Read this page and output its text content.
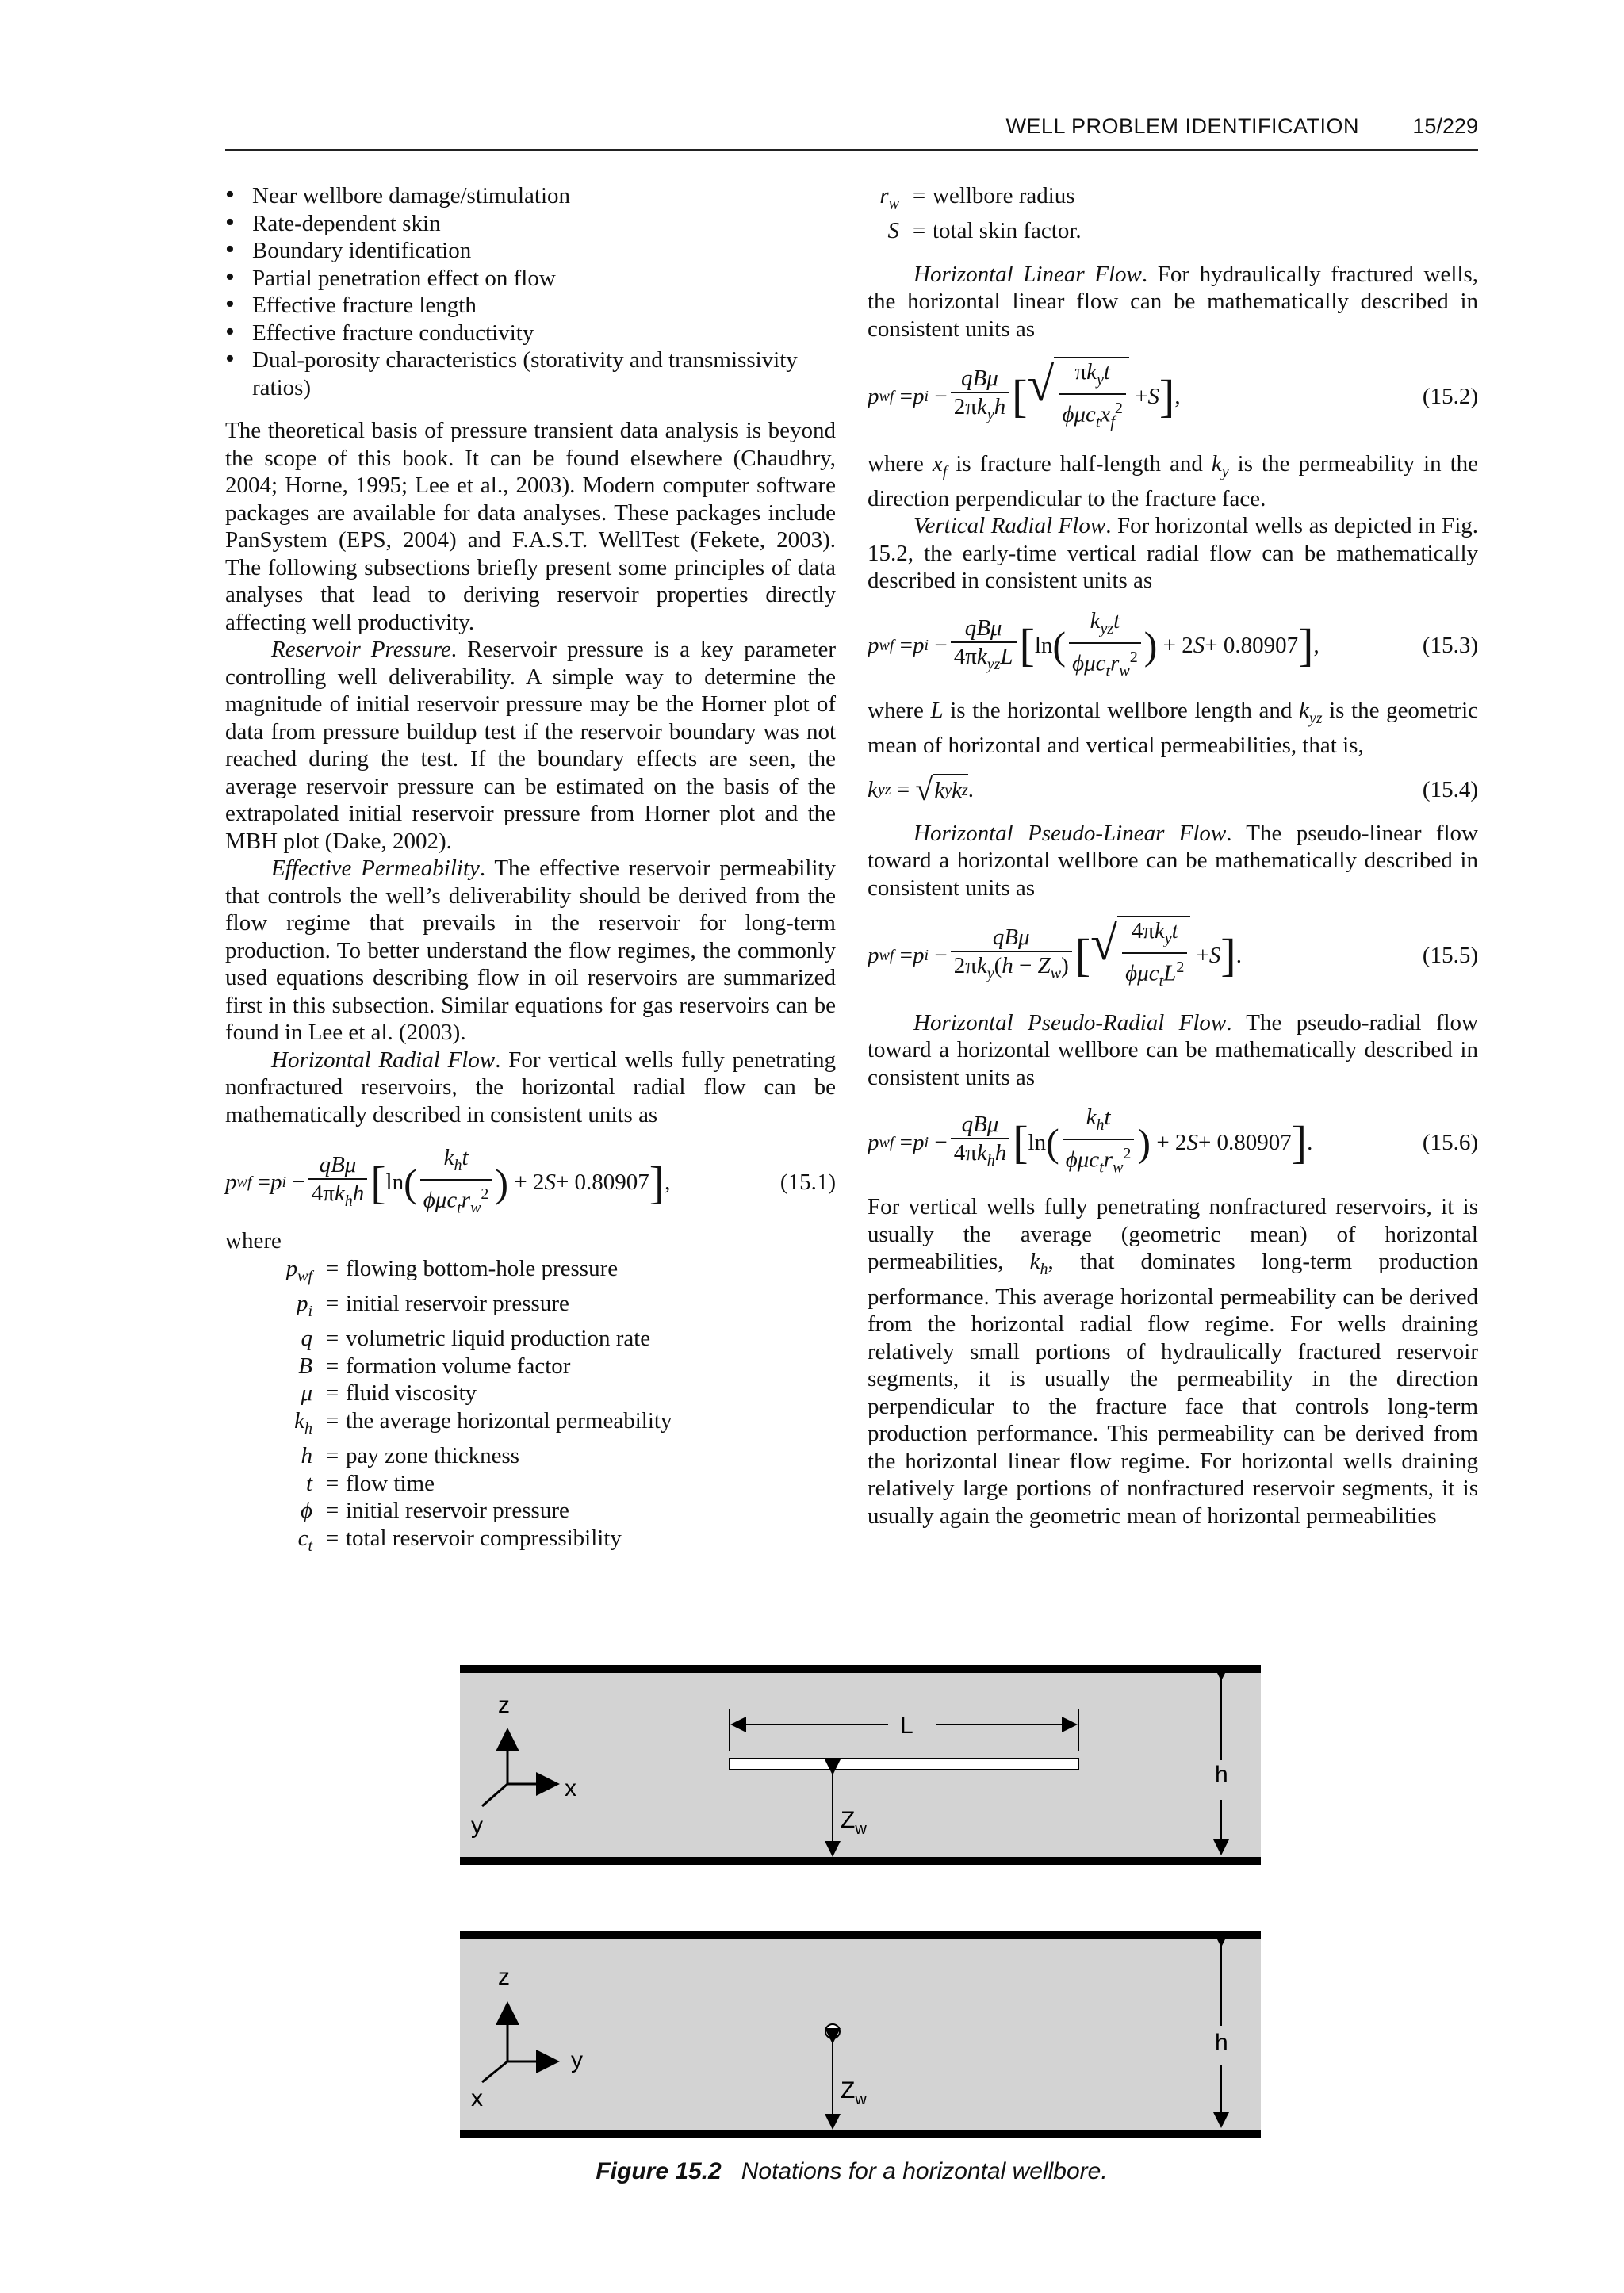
WELL PROBLEM IDENTIFICATION 15/229
• Near wellbore damage/stimulation
• Rate-dependent skin
• Boundary identification
• Partial penetration effect on flow
• Effective fracture length
• Effective fracture conductivity
• Dual-porosity characteristics (storativity and transmissivity ratios)

The theoretical basis of pressure transient data analysis is beyond the scope of this book. It can be found elsewhere (Chaudhry, 2004; Horne, 1995; Lee et al., 2003). Modern computer software packages are available for data analyses. These packages include PanSystem (EPS, 2004) and F.A.S.T. WellTest (Fekete, 2003). The following subsections briefly present some principles of data analyses that lead to deriving reservoir properties directly affecting well productivity.

Reservoir Pressure. Reservoir pressure is a key parameter controlling well deliverability. A simple way to determine the magnitude of initial reservoir pressure may be the Horner plot of data from pressure buildup test if the reservoir boundary was not reached during the test. If the boundary effects are seen, the average reservoir pressure can be estimated on the basis of the extrapolated initial reservoir pressure from Horner plot and the MBH plot (Dake, 2002).

Effective Permeability. The effective reservoir permeability that controls the well’s deliverability should be derived from the flow regime that prevails in the reservoir for long-term production. To better understand the flow regimes, the commonly used equations describing flow in oil reservoirs are summarized first in this subsection. Similar equations for gas reservoirs can be found in Lee et al. (2003).

Horizontal Radial Flow. For vertical wells fully penetrating nonfractured reservoirs, the horizontal radial flow can be mathematically described in consistent units as

p wf = p $i - \frac{\text{qBμ}}{4\pi k_hh}$ [ ln ( $\frac{k_ht}{\phi\mu c_tr_w^2}$ ) + 2 S + 0.80907 ] ,	(15.1)

where

$p_{wf}$	=	flowing bottom-hole pressure
$p_i$	=	initial reservoir pressure
q	=	volumetric liquid production rate
B	=	formation volume factor
μ	=	fluid viscosity
$k_h$	=	the average horizontal permeability
h	=	pay zone thickness
t	=	flow time
ϕ	=	initial reservoir pressure
$c_t$	=	total reservoir compressibility
$r_w$	=	wellbore radius
S	=	total skin factor.

Horizontal Linear Flow. For hydraulically fractured wells, the horizontal linear flow can be mathematically described in consistent units as

p wf = p $i - \frac{\text{qBμ}}{2\pi k_yh}$ [ √ $\frac{\pi k_yt}{\phi\mu c_tx_f^2} + S$ ] ,	(15.2)

where $x_f$ is fracture half-length and $k_y$ is the permeability in the direction perpendicular to the fracture face.

Vertical Radial Flow. For horizontal wells as depicted in Fig. 15.2, the early-time vertical radial flow can be mathematically described in consistent units as

p wf = p $i - \frac{\text{qBμ}}{4\pi k_{yz}L}$ [ ln ( $\frac{k_{yz}t}{\phi\mu c_tr_w^2}$ ) + 2 S + 0.80907 ] ,	(15.3)

where L is the horizontal wellbore length and $k_{yz}$ is the geometric mean of horizontal and vertical permeabilities, that is,

k yz = √ k y k z .	(15.4)

Horizontal Pseudo-Linear Flow. The pseudo-linear flow toward a horizontal wellbore can be mathematically described in consistent units as

p wf = p $i - \frac{\text{qBμ}}{2\pi k_y(h - Z_w)}$ [ √ $\frac{4\pi k_yt}{\phi\mu c_tL^2} + S$ ] .	(15.5)

Horizontal Pseudo-Radial Flow. The pseudo-radial flow toward a horizontal wellbore can be mathematically described in consistent units as

p wf = p $i - \frac{\text{qBμ}}{4\pi k_hh}$ [ ln ( $\frac{k_ht}{\phi\mu c_tr_w^2}$ ) + 2 S + 0.80907 ] .	(15.6)

For vertical wells fully penetrating nonfractured reservoirs, it is usually the average (geometric mean) of horizontal permeabilities, $k_h$, that dominates long-term production performance. This average horizontal permeability can be derived from the horizontal radial flow regime. For wells draining relatively small portions of hydraulically fractured reservoir segments, it is usually the permeability in the direction perpendicular to the fracture face that controls long-term production performance. This permeability can be derived from the horizontal linear flow regime. For horizontal wells draining relatively large portions of nonfractured reservoir segments, it is usually again the geometric mean of horizontal permeabilities

z
x
y
L
$Z_w$
h
z
y
x	$Z_w$
h
Figure 15.2 Notations for a horizontal wellbore.
